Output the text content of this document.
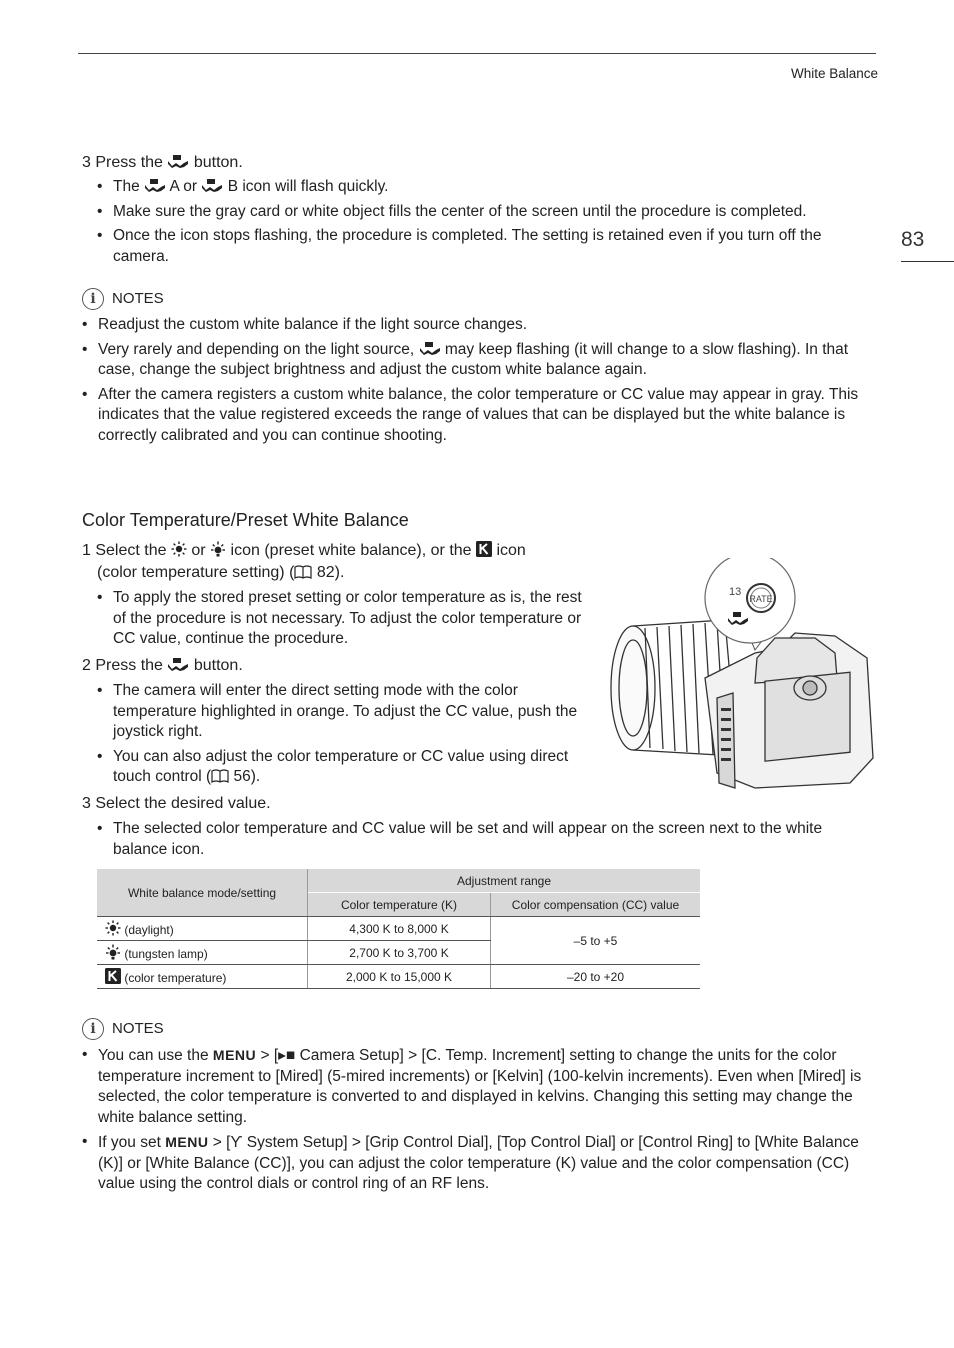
White Balance
83
3 Press the button.
• The A or B icon will flash quickly.
• Make sure the gray card or white object fills the center of the screen until the procedure is completed.
• Once the icon stops flashing, the procedure is completed. The setting is retained even if you turn off the camera.
i	NOTES
• Readjust the custom white balance if the light source changes.
• Very rarely and depending on the light source, may keep flashing (it will change to a slow flashing). In that case, change the subject brightness and adjust the custom white balance again.
• After the camera registers a custom white balance, the color temperature or CC value may appear in gray. This indicates that the value registered exceeds the range of values that can be displayed but the white balance is correctly calibrated and you can continue shooting.
Color Temperature/Preset White Balance
1 Select the or icon (preset white balance), or the icon
(color temperature setting) ( 82).
• To apply the stored preset setting or color temperature as is, the rest of the procedure is not necessary. To adjust the color temperature or CC value, continue the procedure.
2 Press the button.
• The camera will enter the direct setting mode with the color temperature highlighted in orange. To adjust the CC value, push the joystick right.
• You can also adjust the color temperature or CC value using direct touch control ( 56).
RATE
13
3 Select the desired value.
• The selected color temperature and CC value will be set and will appear on the screen next to the white balance icon.
White balance mode/setting	Adjustment range	
	Color temperature (K)	Color compensation (CC) value
(daylight)	4,300 K to 8,000 K	–5 to +5
(tungsten lamp)	2,700 K to 3,700 K	
(color temperature)	2,000 K to 15,000 K	–20 to +20
i	NOTES
• You can use the MENU > [▸■ Camera Setup] > [C. Temp. Increment] setting to change the units for the color temperature increment to [Mired] (5-mired increments) or [Kelvin] (100-kelvin increments). Even when [Mired] is selected, the color temperature is converted to and displayed in kelvins. Changing this setting may change the white balance setting.
• If you set MENU > [Ƴ System Setup] > [Grip Control Dial], [Top Control Dial] or [Control Ring] to [White Balance (K)] or [White Balance (CC)], you can adjust the color temperature (K) value and the color compensation (CC) value using the control dials or control ring of an RF lens.
